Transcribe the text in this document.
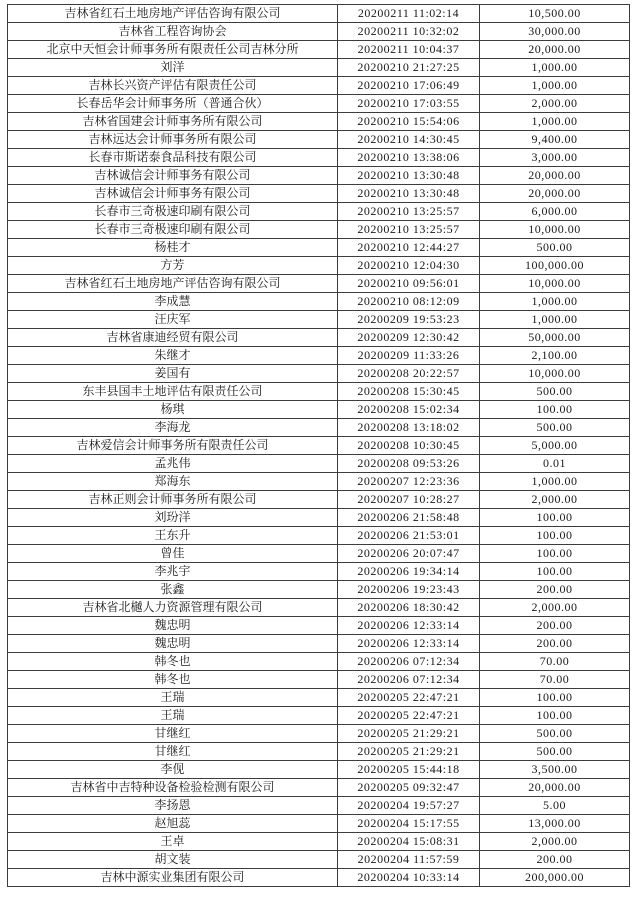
吉林省红石土地房地产评估咨询有限公司	20200211 11:02:14	10,500.00
吉林省工程咨询协会	20200211 10:32:02	30,000.00
北京中天恒会计师事务所有限责任公司吉林分所	20200211 10:04:37	20,000.00
刘洋	20200210 21:27:25	1,000.00
吉林长兴资产评估有限责任公司	20200210 17:06:49	1,000.00
长春岳华会计师事务所（普通合伙）	20200210 17:03:55	2,000.00
吉林省国建会计师事务所有限公司	20200210 15:54:06	1,000.00
吉林远达会计师事务所有限公司	20200210 14:30:45	9,400.00
长春市斯诺泰食品科技有限公司	20200210 13:38:06	3,000.00
吉林诚信会计师事务有限公司	20200210 13:30:48	20,000.00
吉林诚信会计师事务有限公司	20200210 13:30:48	20,000.00
长春市三奇极速印刷有限公司	20200210 13:25:57	6,000.00
长春市三奇极速印刷有限公司	20200210 13:25:57	10,000.00
杨桂才	20200210 12:44:27	500.00
方芳	20200210 12:04:30	100,000.00
吉林省红石土地房地产评估咨询有限公司	20200210 09:56:01	10,000.00
李成慧	20200210 08:12:09	1,000.00
汪庆军	20200209 19:53:23	1,000.00
吉林省康迪经贸有限公司	20200209 12:30:42	50,000.00
朱继才	20200209 11:33:26	2,100.00
姜国有	20200208 20:22:57	10,000.00
东丰县国丰土地评估有限责任公司	20200208 15:30:45	500.00
杨琪	20200208 15:02:34	100.00
李海龙	20200208 13:18:02	500.00
吉林爱信会计师事务所有限责任公司	20200208 10:30:45	5,000.00
孟兆伟	20200208 09:53:26	0.01
郑海东	20200207 12:23:36	1,000.00
吉林正则会计师事务所有限公司	20200207 10:28:27	2,000.00
刘玢洋	20200206 21:58:48	100.00
王东升	20200206 21:53:01	100.00
曾佳	20200206 20:07:47	100.00
李兆宇	20200206 19:34:14	100.00
张鑫	20200206 19:23:43	200.00
吉林省北樾人力资源管理有限公司	20200206 18:30:42	2,000.00
魏忠明	20200206 12:33:14	200.00
魏忠明	20200206 12:33:14	200.00
韩冬也	20200206 07:12:34	70.00
韩冬也	20200206 07:12:34	70.00
王瑞	20200205 22:47:21	100.00
王瑞	20200205 22:47:21	100.00
甘继红	20200205 21:29:21	500.00
甘继红	20200205 21:29:21	500.00
李伣	20200205 15:44:18	3,500.00
吉林省中吉特种设备检验检测有限公司	20200205 09:32:47	20,000.00
李扬恩	20200204 19:57:27	5.00
赵旭蕊	20200204 15:17:55	13,000.00
王卓	20200204 15:08:31	2,000.00
胡文装	20200204 11:57:59	200.00
吉林中源实业集团有限公司	20200204 10:33:14	200,000.00
